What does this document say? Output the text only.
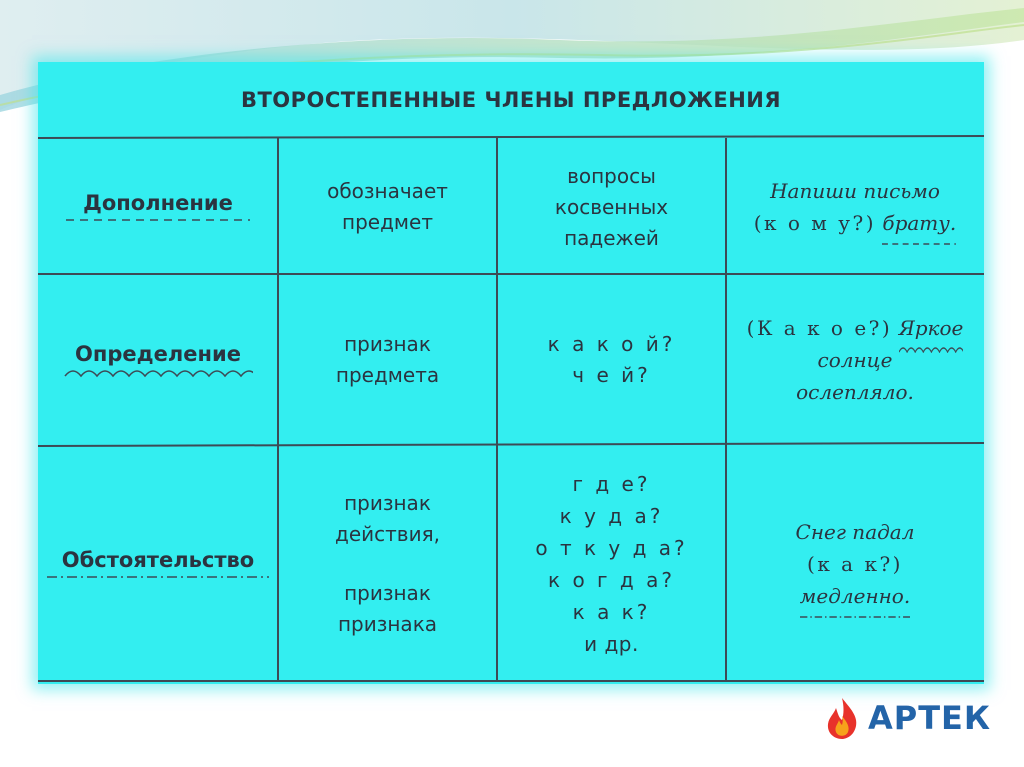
ВТОРОСТЕПЕННЫЕ ЧЛЕНЫ ПРЕДЛОЖЕНИЯ
Дополнение	обозначает
предмет
вопросы
косвенных
падежей
Напиши письмо
(к о м у?) брату.
Определение	признак
предмета
к а к о й?
ч е й?
(К а к о е?) Яркое
солнце
ослепляло.
Обстоятельство
признак
действия,
признак
признака
г д е?
к у д а?
о т к у д а?
к о г д а?
к а к?
и др.
Снег падал
(к а к?)
медленно.
АРТЕК
